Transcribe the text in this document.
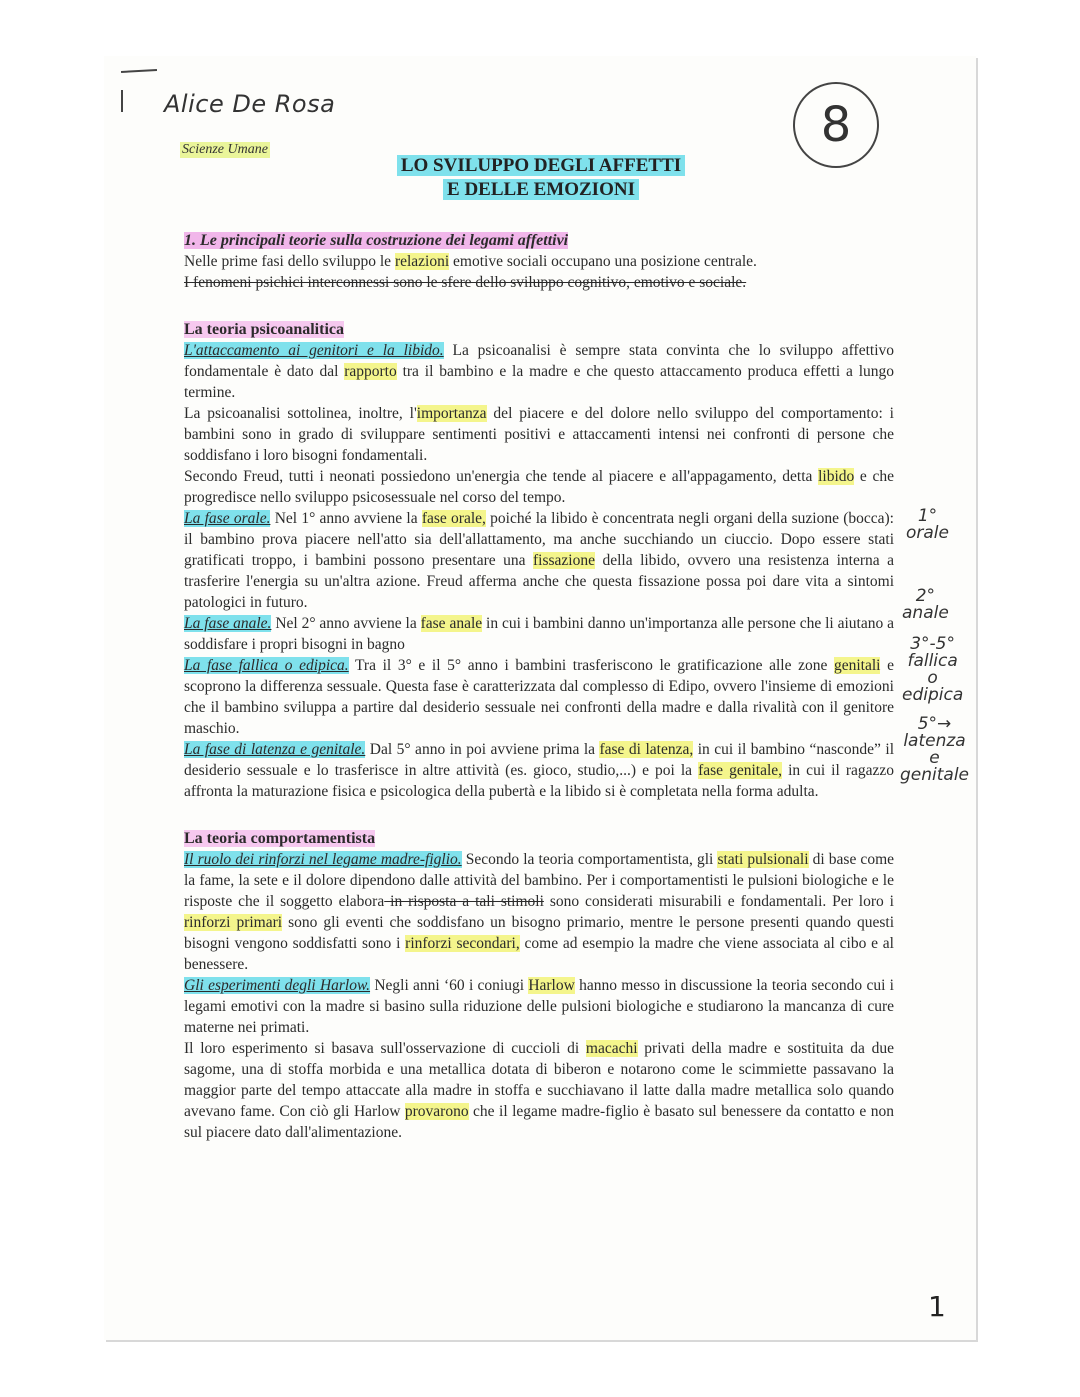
Alice De Rosa	8
Scienze Umane
LO SVILUPPO DEGLI AFFETTI
E DELLE EMOZIONI

1. Le principali teorie sulla costruzione dei legami affettivi

Nelle prime fasi dello sviluppo le relazioni emotive sociali occupano una posizione centrale.

I fenomeni psichici interconnessi sono le sfere dello sviluppo cognitivo, emotivo e sociale.

La teoria psicoanalitica

L'attaccamento ai genitori e la libido. La psicoanalisi è sempre stata convinta che lo sviluppo affettivo fondamentale è dato dal rapporto tra il bambino e la madre e che questo attaccamento produca effetti a lungo termine.

La psicoanalisi sottolinea, inoltre, l'importanza del piacere e del dolore nello sviluppo del comportamento: i bambini sono in grado di sviluppare sentimenti positivi e attaccamenti intensi nei confronti di persone che soddisfano i loro bisogni fondamentali.

Secondo Freud, tutti i neonati possiedono un'energia che tende al piacere e all'appagamento, detta libido e che progredisce nello sviluppo psicosessuale nel corso del tempo.

La fase orale. Nel 1° anno avviene la fase orale, poiché la libido è concentrata negli organi della suzione (bocca): il bambino prova piacere nell'atto sia dell'allattamento, ma anche succhiando un ciuccio. Dopo essere stati gratificati troppo, i bambini possono presentare una fissazione della libido, ovvero una resistenza interna a trasferire l'energia su un'altra azione. Freud afferma anche che questa fissazione possa poi dare vita a sintomi patologici in futuro.

La fase anale. Nel 2° anno avviene la fase anale in cui i bambini danno un'importanza alle persone che li aiutano a soddisfare i propri bisogni in bagno

La fase fallica o edipica. Tra il 3° e il 5° anno i bambini trasferiscono le gratificazione alle zone genitali e scoprono la differenza sessuale. Questa fase è caratterizzata dal complesso di Edipo, ovvero l'insieme di emozioni che il bambino sviluppa a partire dal desiderio sessuale nei confronti della madre e dalla rivalità con il genitore maschio.

La fase di latenza e genitale. Dal 5° anno in poi avviene prima la fase di latenza, in cui il bambino “nasconde” il desiderio sessuale e lo trasferisce in altre attività (es. gioco, studio,...) e poi la fase genitale, in cui il ragazzo affronta la maturazione fisica e psicologica della pubertà e la libido si è completata nella forma adulta.

La teoria comportamentista

Il ruolo dei rinforzi nel legame madre-figlio. Secondo la teoria comportamentista, gli stati pulsionali di base come la fame, la sete e il dolore dipendono dalle attività del bambino. Per i comportamentisti le pulsioni biologiche e le risposte che il soggetto elabora in risposta a tali stimoli sono considerati misurabili e fondamentali. Per loro i rinforzi primari sono gli eventi che soddisfano un bisogno primario, mentre le persone presenti quando questi bisogni vengono soddisfatti sono i rinforzi secondari, come ad esempio la madre che viene associata al cibo e al benessere.

Gli esperimenti degli Harlow. Negli anni ‘60 i coniugi Harlow hanno messo in discussione la teoria secondo cui i legami emotivi con la madre si basino sulla riduzione delle pulsioni biologiche e studiarono la mancanza di cure materne nei primati.

Il loro esperimento si basava sull'osservazione di cuccioli di macachi privati della madre e sostituita da due sagome, una di stoffa morbida e una metallica dotata di biberon e notarono come le scimmiette passavano la maggior parte del tempo attaccate alla madre in stoffa e succhiavano il latte dalla madre metallica solo quando avevano fame. Con ciò gli Harlow provarono che il legame madre-figlio è basato sul benessere da contatto e non sul piacere dato dall'alimentazione.

1°
orale
2°
anale
3°-5°
fallica
o
edipica
5°→
latenza
e
genitale
1
